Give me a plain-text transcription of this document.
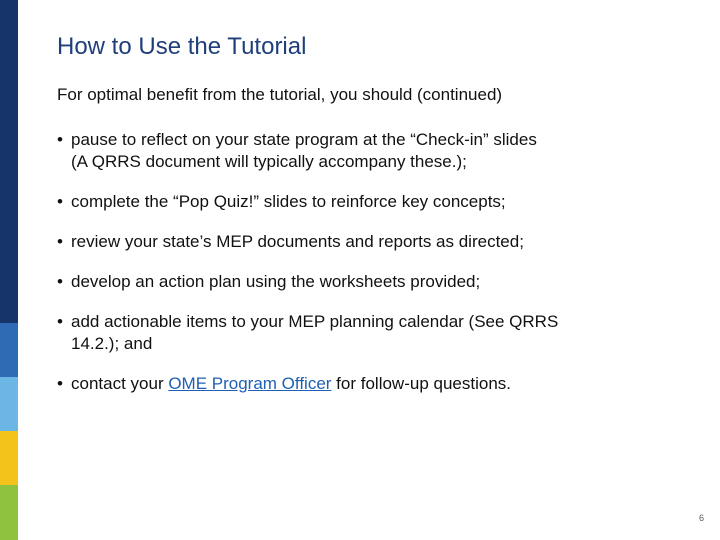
How to Use the Tutorial

For optimal benefit from the tutorial, you should (continued)

• pause to reflect on your state program at the “Check-in” slides
(A QRRS document will typically accompany these.);
• complete the “Pop Quiz!” slides to reinforce key concepts;
• review your state’s MEP documents and reports as directed;
• develop an action plan using the worksheets provided;
• add actionable items to your MEP planning calendar (See QRRS
14.2.); and
• contact your OME Program Officer for follow-up questions.
6
